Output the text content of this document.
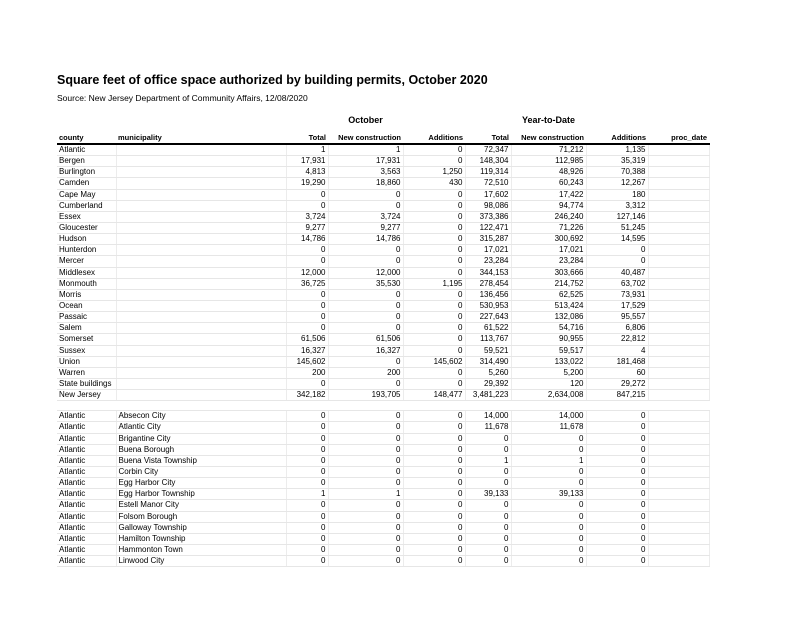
Square feet of office space authorized by building permits, October 2020
Source: New Jersey Department of Community Affairs, 12/08/2020
			October			Year-to-Date		
county	municipality	Total	New construction	Additions	Total	New construction	Additions	proc_date
Atlantic		1	1	0	72,347	71,212	1,135	
Bergen		17,931	17,931	0	148,304	112,985	35,319	
Burlington		4,813	3,563	1,250	119,314	48,926	70,388	
Camden		19,290	18,860	430	72,510	60,243	12,267	
Cape May		0	0	0	17,602	17,422	180	
Cumberland		0	0	0	98,086	94,774	3,312	
Essex		3,724	3,724	0	373,386	246,240	127,146	
Gloucester		9,277	9,277	0	122,471	71,226	51,245	
Hudson		14,786	14,786	0	315,287	300,692	14,595	
Hunterdon		0	0	0	17,021	17,021	0	
Mercer		0	0	0	23,284	23,284	0	
Middlesex		12,000	12,000	0	344,153	303,666	40,487	
Monmouth		36,725	35,530	1,195	278,454	214,752	63,702	
Morris		0	0	0	136,456	62,525	73,931	
Ocean		0	0	0	530,953	513,424	17,529	
Passaic		0	0	0	227,643	132,086	95,557	
Salem		0	0	0	61,522	54,716	6,806	
Somerset		61,506	61,506	0	113,767	90,955	22,812	
Sussex		16,327	16,327	0	59,521	59,517	4	
Union		145,602	0	145,602	314,490	133,022	181,468	
Warren		200	200	0	5,260	5,200	60	
State buildings		0	0	0	29,392	120	29,272	
New Jersey		342,182	193,705	148,477	3,481,223	2,634,008	847,215	

Atlantic	Absecon City	0	0	0	14,000	14,000	0	
Atlantic	Atlantic City	0	0	0	11,678	11,678	0	
Atlantic	Brigantine City	0	0	0	0	0	0	
Atlantic	Buena Borough	0	0	0	0	0	0	
Atlantic	Buena Vista Township	0	0	0	1	1	0	
Atlantic	Corbin City	0	0	0	0	0	0	
Atlantic	Egg Harbor City	0	0	0	0	0	0	
Atlantic	Egg Harbor Township	1	1	0	39,133	39,133	0	
Atlantic	Estell Manor City	0	0	0	0	0	0	
Atlantic	Folsom Borough	0	0	0	0	0	0	
Atlantic	Galloway Township	0	0	0	0	0	0	
Atlantic	Hamilton Township	0	0	0	0	0	0	
Atlantic	Hammonton Town	0	0	0	0	0	0	
Atlantic	Linwood City	0	0	0	0	0	0	
